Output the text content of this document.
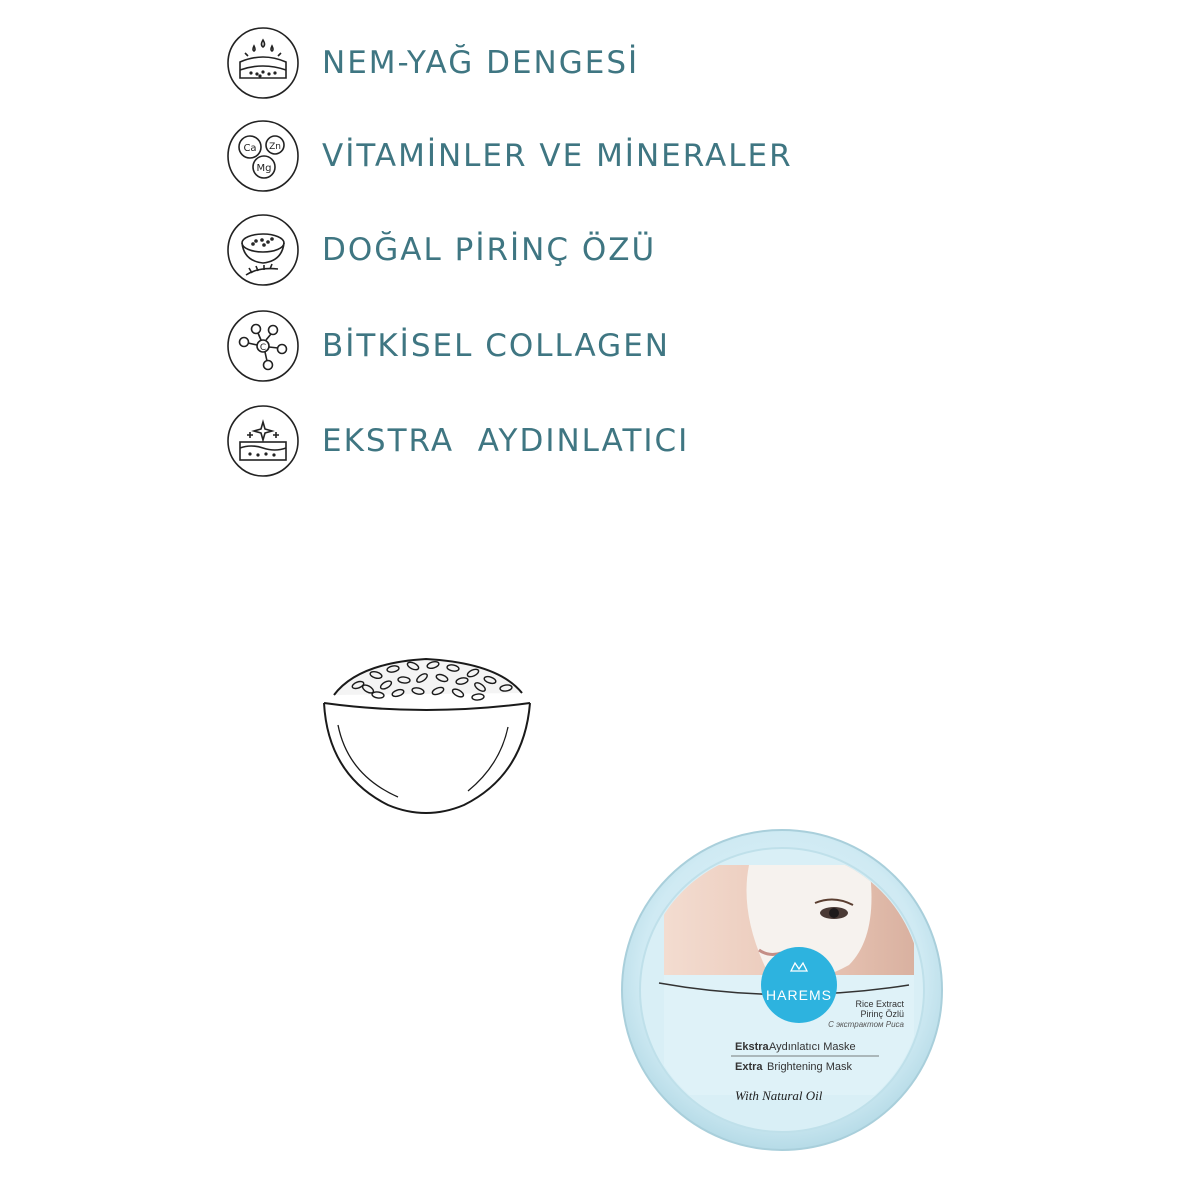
NEM-YAĞ DENGESİ
Ca Zn
Mg VİTAMİNLER VE MİNERALER
DOĞAL PİRİNÇ ÖZÜ
C BİTKİSEL COLLAGEN
EKSTRA  AYDINLATICI
HAREMS
Rice Extract
Pirinç Özlü
С экстрактом Риса
Ekstra Aydınlatıcı Maske
Extra Brightening Mask
With Natural Oil
